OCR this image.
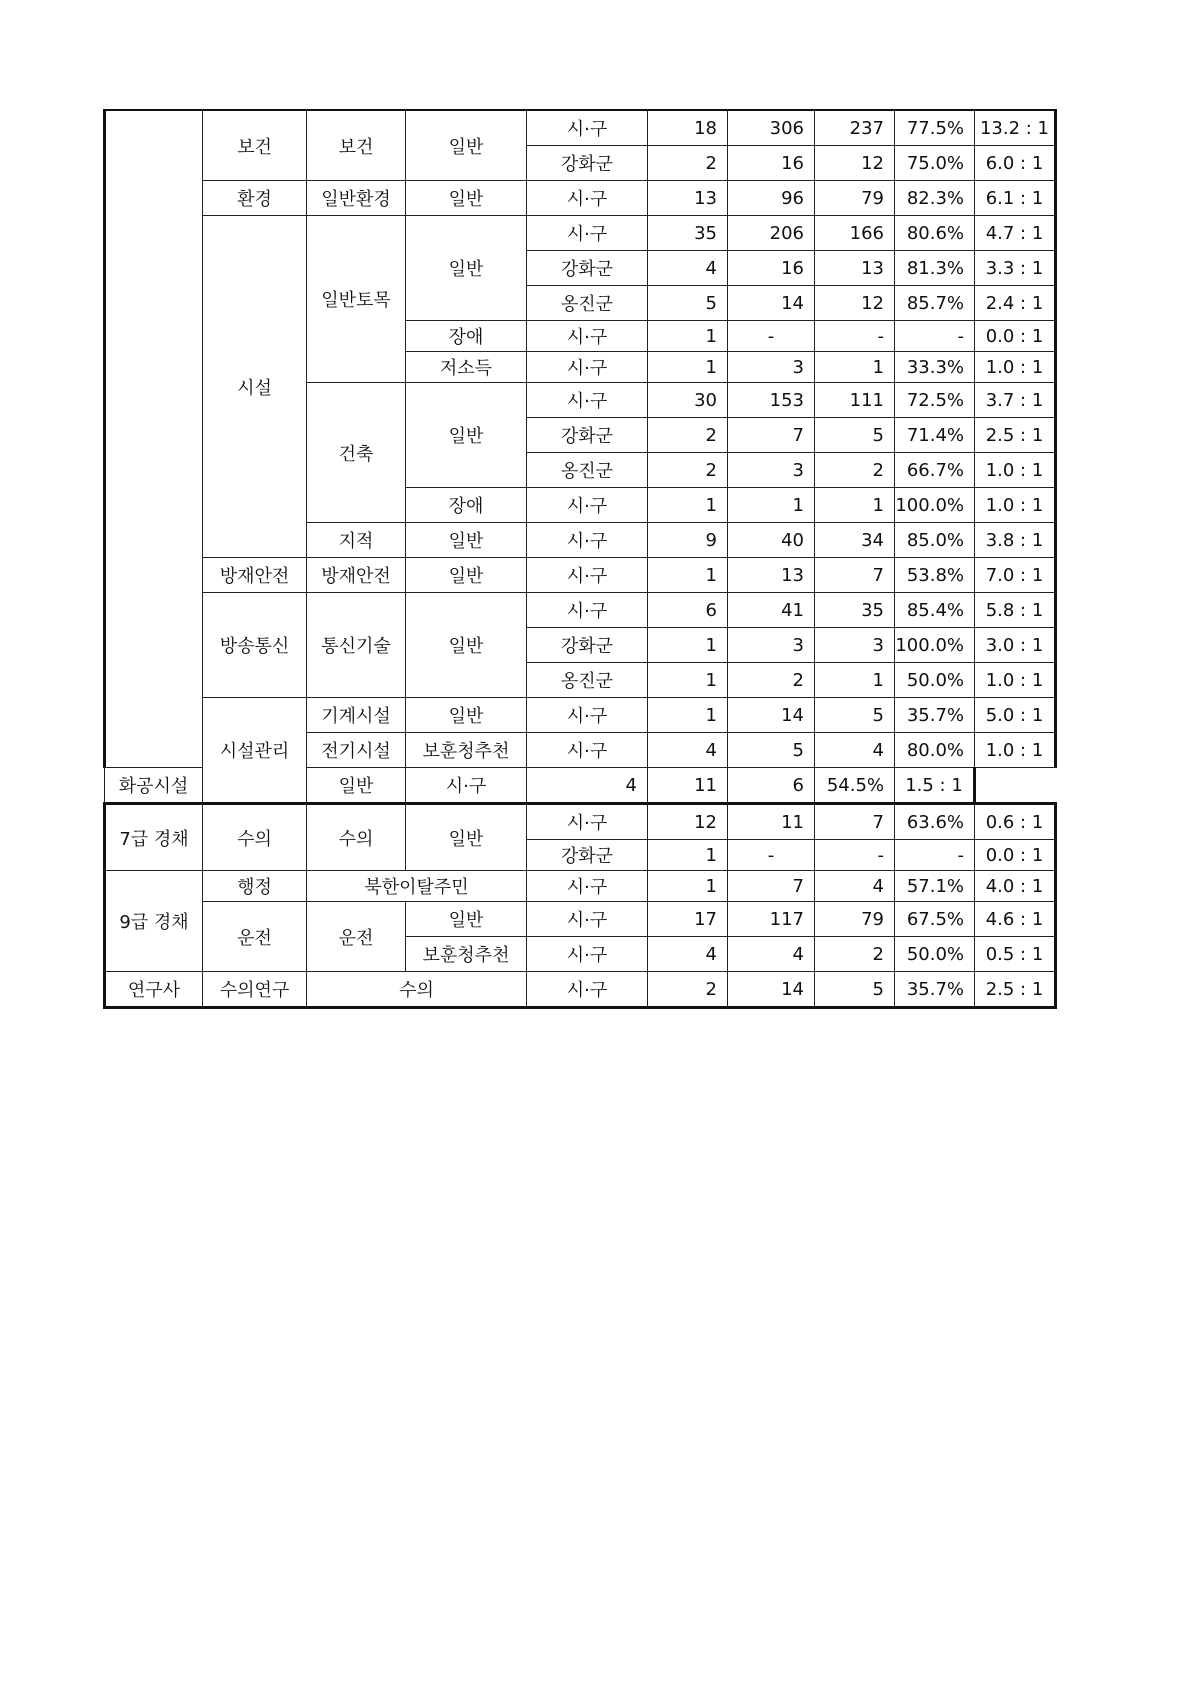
	보건	보건	일반	시·구	18	306	237	77.5%	13.2 : 1
				강화군	2	16	12	75.0%	6.0 : 1
	환경	일반환경	일반	시·구	13	96	79	82.3%	6.1 : 1
	시설	일반토목	일반	시·구	35	206	166	80.6%	4.7 : 1
				강화군	4	16	13	81.3%	3.3 : 1
				옹진군	5	14	12	85.7%	2.4 : 1
			장애	시·구	1	-	-	-	0.0 : 1
			저소득	시·구	1	3	1	33.3%	1.0 : 1
		건축	일반	시·구	30	153	111	72.5%	3.7 : 1
				강화군	2	7	5	71.4%	2.5 : 1
				옹진군	2	3	2	66.7%	1.0 : 1
			장애	시·구	1	1	1	100.0%	1.0 : 1
		지적	일반	시·구	9	40	34	85.0%	3.8 : 1
	방재안전	방재안전	일반	시·구	1	13	7	53.8%	7.0 : 1
	방송통신	통신기술	일반	시·구	6	41	35	85.4%	5.8 : 1
				강화군	1	3	3	100.0%	3.0 : 1
				옹진군	1	2	1	50.0%	1.0 : 1
	시설관리	기계시설	일반	시·구	1	14	5	35.7%	5.0 : 1
		전기시설	보훈청추천	시·구	4	5	4	80.0%	1.0 : 1
화공시설		일반	시·구	4	11	6	54.5%	1.5 : 1	
7급 경채	수의	수의	일반	시·구	12	11	7	63.6%	0.6 : 1
				강화군	1	-	-	-	0.0 : 1
9급 경채	행정	북한이탈주민		시·구	1	7	4	57.1%	4.0 : 1
	운전	운전	일반	시·구	17	117	79	67.5%	4.6 : 1
			보훈청추천	시·구	4	4	2	50.0%	0.5 : 1
연구사	수의연구	수의		시·구	2	14	5	35.7%	2.5 : 1
